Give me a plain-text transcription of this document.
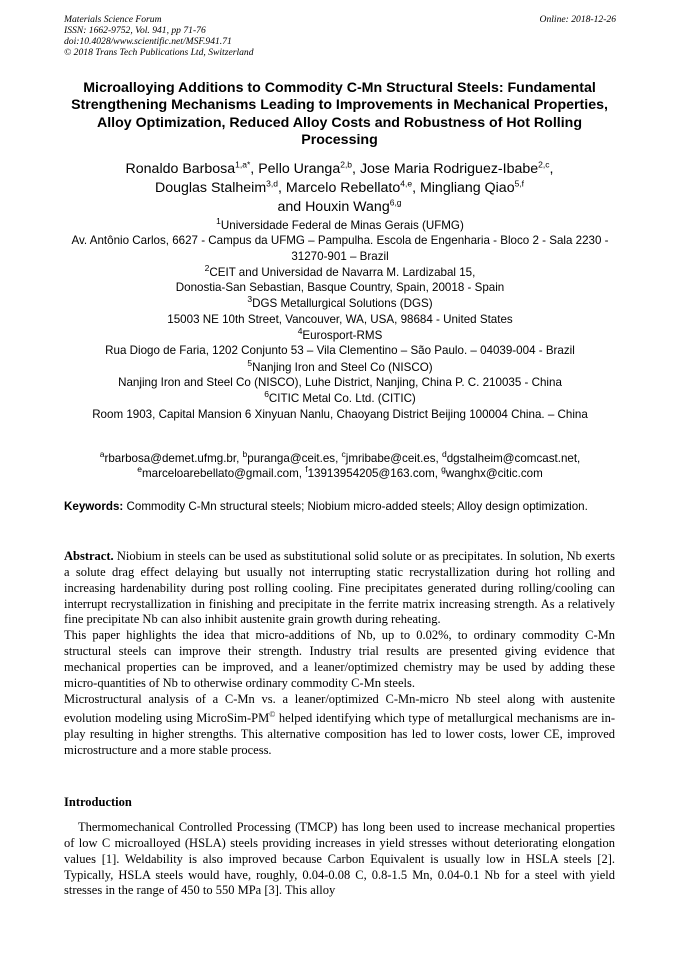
Materials Science Forum
ISSN: 1662-9752, Vol. 941, pp 71-76
doi:10.4028/www.scientific.net/MSF.941.71
© 2018 Trans Tech Publications Ltd, Switzerland
Online: 2018-12-26
Microalloying Additions to Commodity C-Mn Structural Steels: Fundamental Strengthening Mechanisms Leading to Improvements in Mechanical Properties, Alloy Optimization, Reduced Alloy Costs and Robustness of Hot Rolling Processing
Ronaldo Barbosa$^{1,a*}$, Pello Uranga$^{2,b}$, Jose Maria Rodriguez-Ibabe$^{2,c}$,
Douglas Stalheim$^{3,d}$, Marcelo Rebellato$^{4,e}$, Mingliang Qiao$^{5,f}$
and Houxin Wang$^{6,g}$
$^1$Universidade Federal de Minas Gerais (UFMG)
Av. Antônio Carlos, 6627 - Campus da UFMG – Pampulha. Escola de Engenharia - Bloco 2 - Sala 2230 - 31270-901 – Brazil
$^2$CEIT and Universidad de Navarra M. Lardizabal 15,
Donostia-San Sebastian, Basque Country, Spain, 20018 - Spain
$^3$DGS Metallurgical Solutions (DGS)
15003 NE 10th Street, Vancouver, WA, USA, 98684 - United States
$^4$Eurosport-RMS
Rua Diogo de Faria, 1202 Conjunto 53 – Vila Clementino – São Paulo. – 04039-004 - Brazil
$^5$Nanjing Iron and Steel Co (NISCO)
Nanjing Iron and Steel Co (NISCO), Luhe District, Nanjing, China P. C. 210035 - China
$^6$CITIC Metal Co. Ltd. (CITIC)
Room 1903, Capital Mansion 6 Xinyuan Nanlu, Chaoyang District Beijing 100004 China. – China
$^a$rbarbosa@demet.ufmg.br, $^b$puranga@ceit.es, $^c$jmribabe@ceit.es, $^d$dgstalheim@comcast.net,
$^e$marceloarebellato@gmail.com, $^f$13913954205@163.com, $^g$wanghx@citic.com
Keywords: Commodity C-Mn structural steels; Niobium micro-added steels; Alloy design optimization.

Abstract. Niobium in steels can be used as substitutional solid solute or as precipitates. In solution, Nb exerts a solute drag effect delaying but usually not interrupting static recrystallization during hot rolling and increasing hardenability during post rolling cooling. Fine precipitates generated during rolling/cooling can interrupt recrystallization in finishing and precipitate in the ferrite matrix increasing strength. As a relatively fine precipitate Nb can also inhibit austenite grain growth during reheating.

This paper highlights the idea that micro-additions of Nb, up to 0.02%, to ordinary commodity C-Mn structural steels can improve their strength. Industry trial results are presented giving evidence that mechanical properties can be improved, and a leaner/optimized chemistry may be used by adding these micro-quantities of Nb to otherwise ordinary commodity C-Mn steels.

Microstructural analysis of a C-Mn vs. a leaner/optimized C-Mn-micro Nb steel along with austenite evolution modeling using MicroSim-PM© helped identifying which type of metallurgical mechanisms are in-play resulting in higher strengths. This alternative composition has led to lower costs, lower CE, improved microstructure and a more stable process.

Introduction
Thermomechanical Controlled Processing (TMCP) has long been used to increase mechanical properties of low C microalloyed (HSLA) steels providing increases in yield stresses without deteriorating elongation values [1]. Weldability is also improved because Carbon Equivalent is usually low in HSLA steels [2]. Typically, HSLA steels would have, roughly, 0.04-0.08 C, 0.8-1.5 Mn, 0.04-0.1 Nb for a steel with yield stresses in the range of 450 to 550 MPa [3]. This alloy
